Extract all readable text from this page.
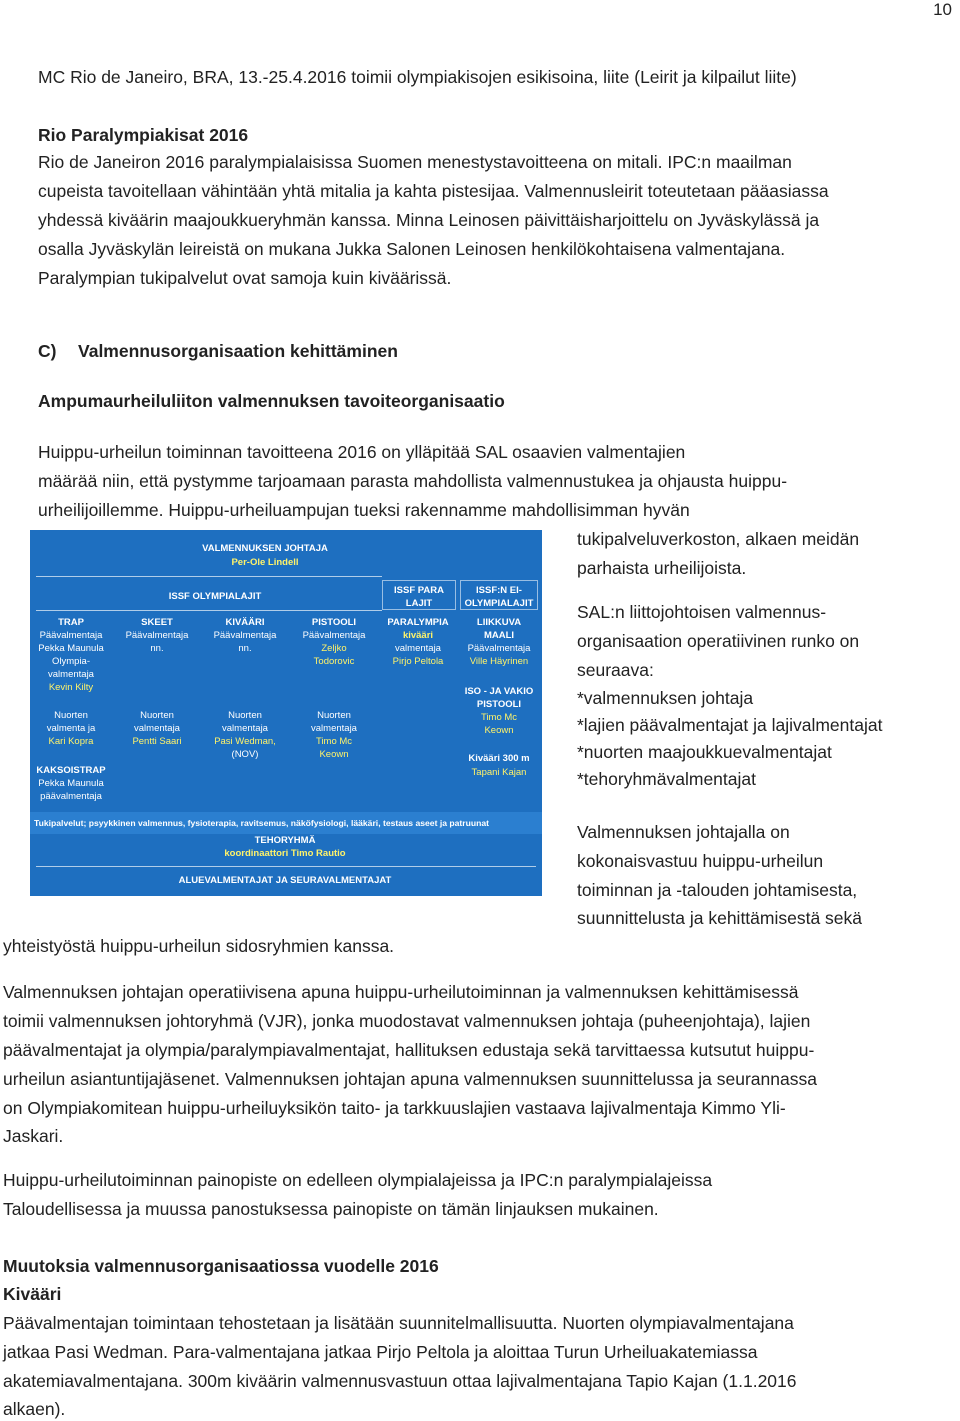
10
MC Rio de Janeiro, BRA, 13.-25.4.2016 toimii olympiakisojen esikisoina, liite (Leirit ja kilpailut liite)
Rio Paralympiakisat 2016
Rio de Janeiron 2016 paralympialaisissa Suomen menestystavoitteena on mitali. IPC:n maailman
cupeista tavoitellaan vähintään yhtä mitalia ja kahta pistesijaa. Valmennusleirit toteutetaan pääasiassa
yhdessä kiväärin maajoukkueryhmän kanssa. Minna Leinosen päivittäisharjoittelu on Jyväskylässä ja
osalla Jyväskylän leireistä on mukana Jukka Salonen Leinosen henkilökohtaisena valmentajana.
Paralympian tukipalvelut ovat samoja kuin kiväärissä.
C) Valmennusorganisaation kehittäminen
Ampumaurheiluliiton valmennuksen tavoiteorganisaatio
Huippu-urheilun toiminnan tavoitteena 2016 on ylläpitää SAL osaavien valmentajien
määrää niin, että pystymme tarjoamaan parasta mahdollista valmennustukea ja ohjausta huippu-
urheilijoillemme. Huippu-urheiluampujan tueksi rakennamme mahdollisimman hyvän
tukipalveluverkoston, alkaen meidän
parhaista urheilijoista.
SAL:n liittojohtoisen valmennus-
organisaation operatiivinen runko on
seuraava:
*valmennuksen johtaja
*lajien päävalmentajat ja lajivalmentajat
*nuorten maajoukkuevalmentajat
*tehoryhmävalmentajat
Valmennuksen johtajalla on
kokonaisvastuu huippu-urheilun
toiminnan ja -talouden johtamisesta,
suunnittelusta ja kehittämisestä sekä
VALMENNUKSEN JOHTAJA
Per-Ole Lindell
ISSF OLYMPIALAJIT
ISSF PARA LAJIT
ISSF:N EI-OLYMPIALAJIT
TRAP
Päävalmentaja
Pekka Maunula
Olympia-
valmentaja
Kevin Kilty
Nuorten
valmenta ja
Kari Kopra
KAKSOISTRAP
Pekka Maunula
päävalmentaja
SKEET
Päävalmentaja
nn.
Nuorten
valmentaja
Pentti Saari
KIVÄÄRI
Päävalmentaja
nn.
Nuorten
valmentaja
Pasi Wedman,
(NOV)
PISTOOLI
Päävalmentaja
Zeljko
Todorovic
Nuorten
valmentaja
Timo Mc
Keown
PARALYMPIA
kivääri
valmentaja
Pirjo Peltola
LIIKKUVA
MAALI
Päävalmentaja
Ville Häyrinen
ISO - JA VAKIO
PISTOOLI
Timo Mc
Keown
Kivääri 300 m
Tapani Kajan
Tukipalvelut; psyykkinen valmennus, fysioterapia, ravitsemus, näköfysiologi, lääkäri, testaus aseet ja patruunat
TEHORYHMÄ
koordinaattori Timo Rautio
ALUEVALMENTAJAT JA SEURAVALMENTAJAT
yhteistyöstä huippu-urheilun sidosryhmien kanssa.
Valmennuksen johtajan operatiivisena apuna huippu-urheilutoiminnan ja valmennuksen kehittämisessä
toimii valmennuksen johtoryhmä (VJR), jonka muodostavat valmennuksen johtaja (puheenjohtaja), lajien
päävalmentajat ja olympia/paralympiavalmentajat, hallituksen edustaja sekä tarvittaessa kutsutut huippu-
urheilun asiantuntijajäsenet. Valmennuksen johtajan apuna valmennuksen suunnittelussa ja seurannassa
on Olympiakomitean huippu-urheiluyksikön taito- ja tarkkuuslajien vastaava lajivalmentaja Kimmo Yli-
Jaskari.
Huippu-urheilutoiminnan painopiste on edelleen olympialajeissa ja IPC:n paralympialajeissa
Taloudellisessa ja muussa panostuksessa painopiste on tämän linjauksen mukainen.
Muutoksia valmennusorganisaatiossa vuodelle 2016
Kivääri
Päävalmentajan toimintaan tehostetaan ja lisätään suunnitelmallisuutta. Nuorten olympiavalmentajana
jatkaa Pasi Wedman. Para-valmentajana jatkaa Pirjo Peltola ja aloittaa Turun Urheiluakatemiassa
akatemiavalmentajana. 300m kiväärin valmennusvastuun ottaa lajivalmentajana Tapio Kajan (1.1.2016
alkaen).
